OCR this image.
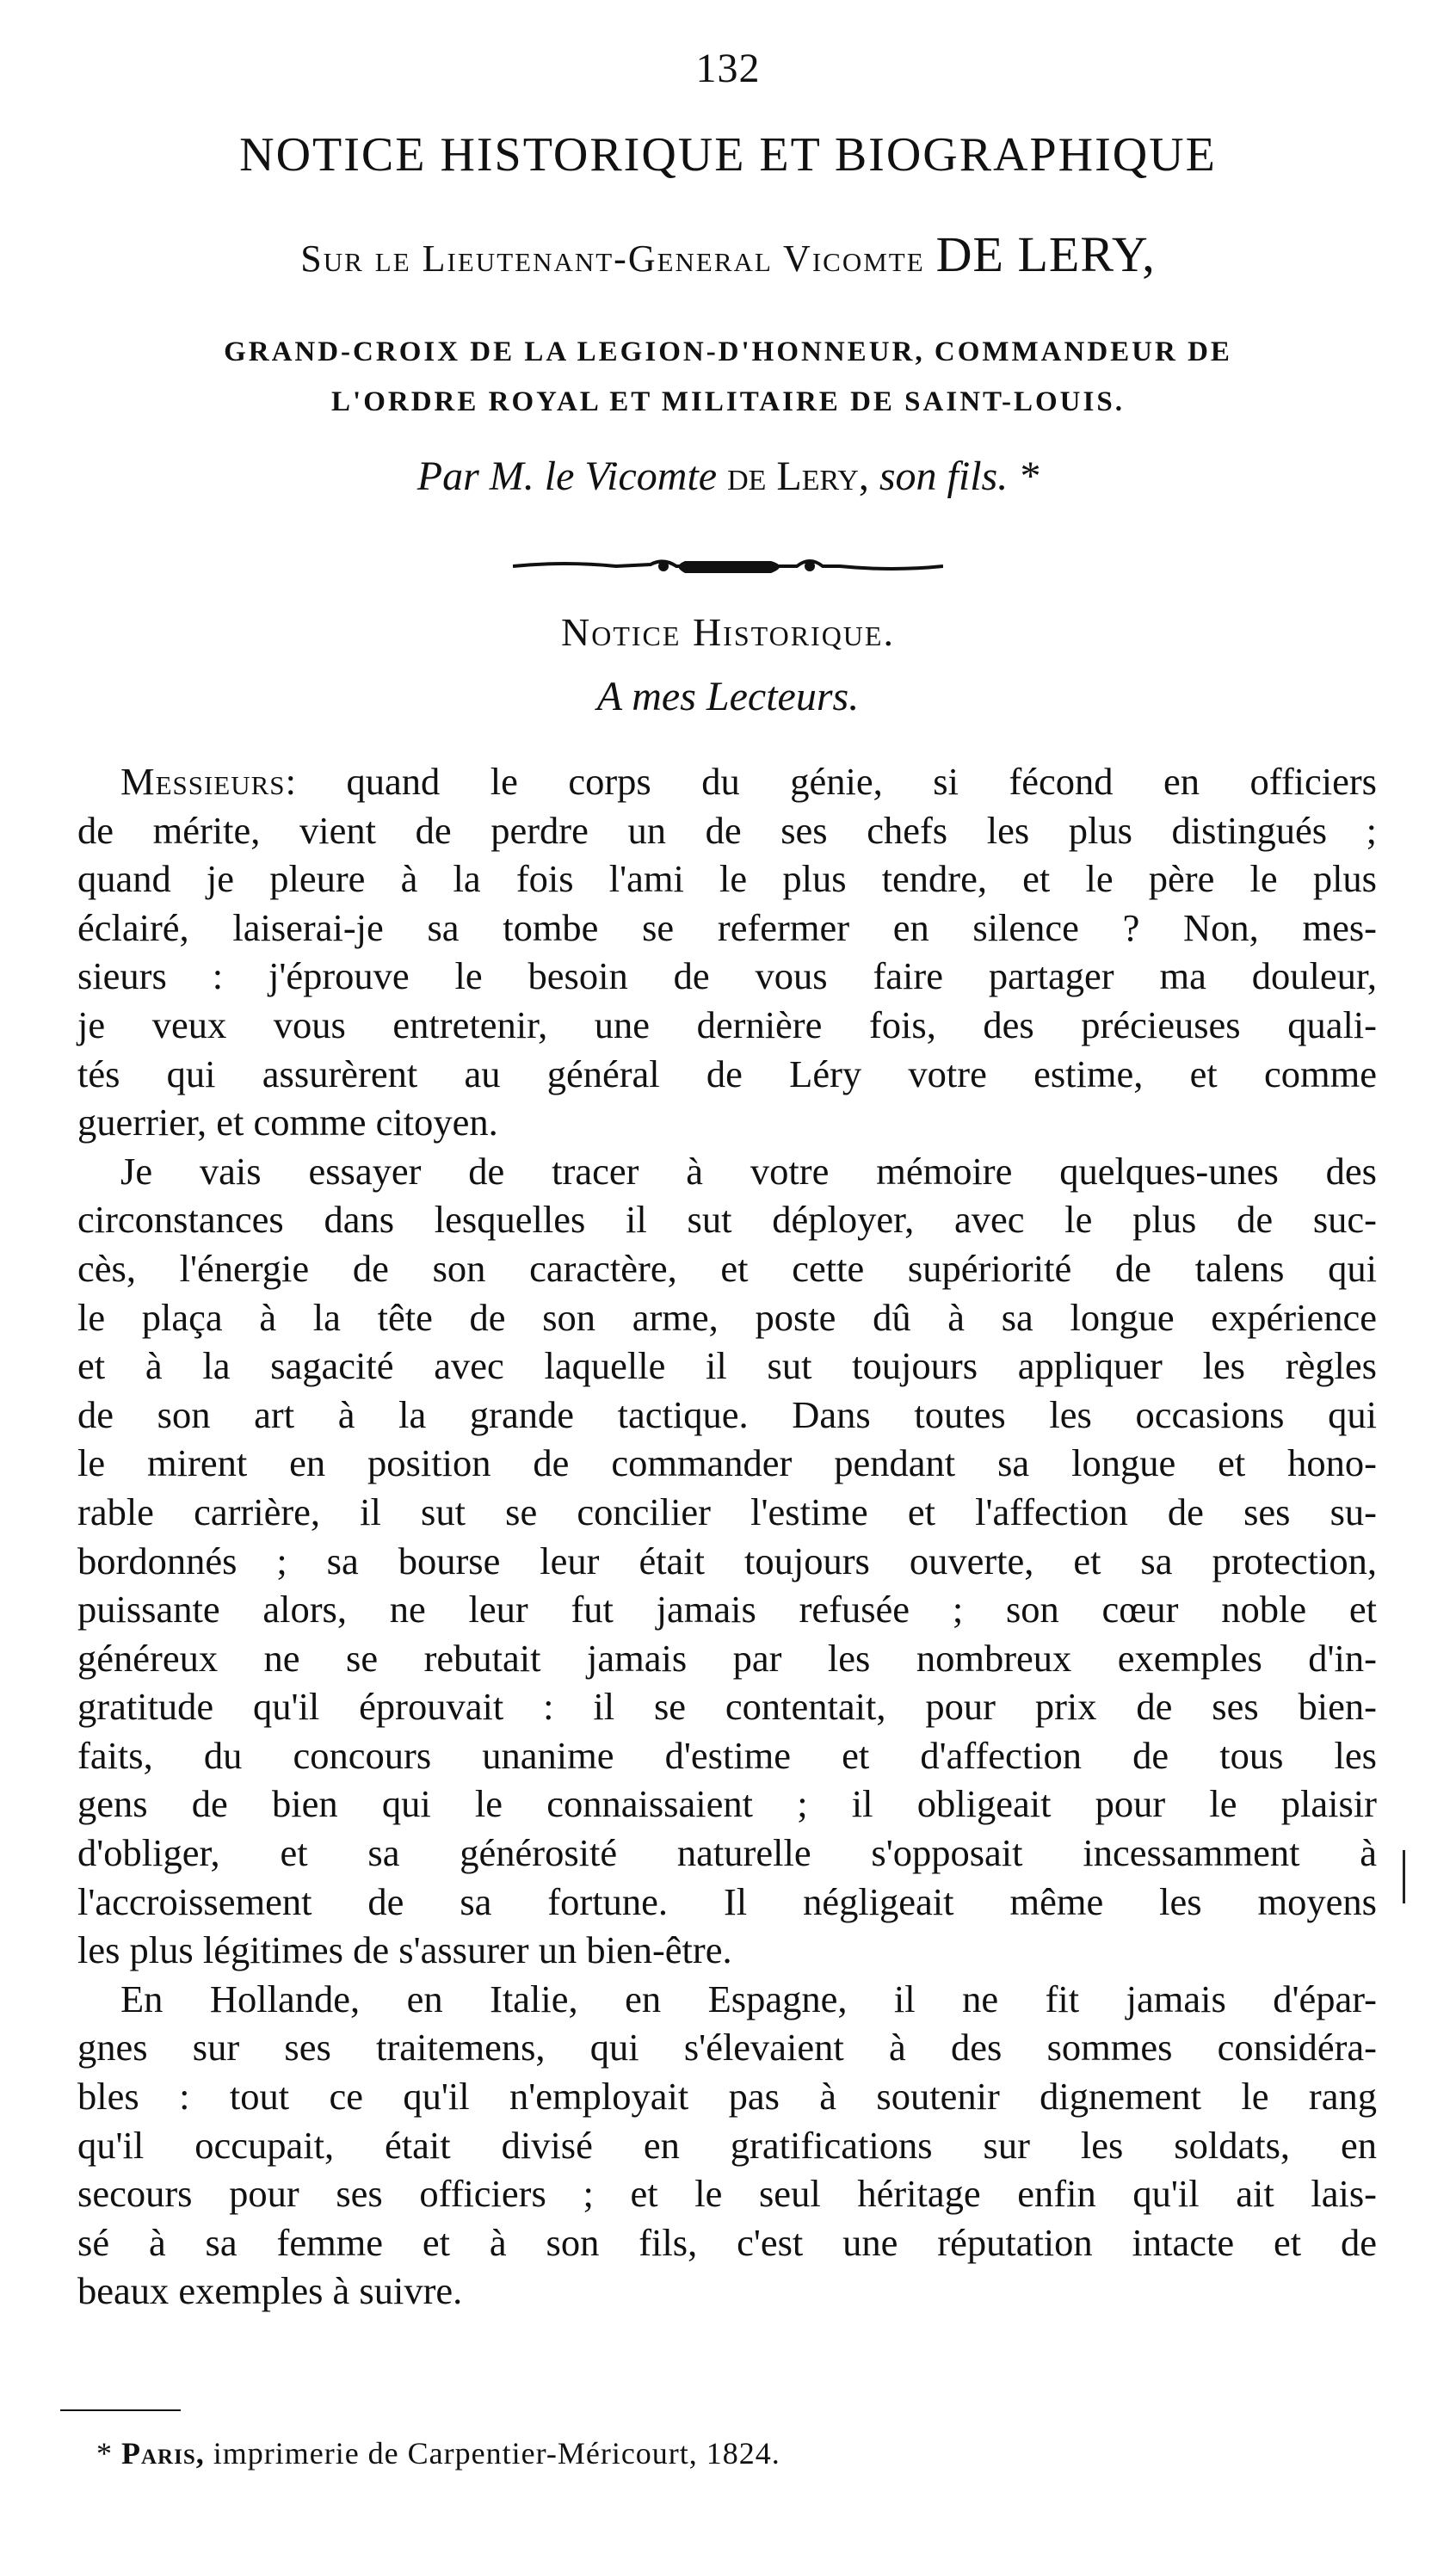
132
NOTICE HISTORIQUE ET BIOGRAPHIQUE
Sur le Lieutenant-General Vicomte DE LERY,
GRAND-CROIX DE LA LEGION-D'HONNEUR, COMMANDEUR DE
L'ORDRE ROYAL ET MILITAIRE DE SAINT-LOUIS.
Par M. le Vicomte de Lery, son fils. *
Notice Historique.
A mes Lecteurs.
Messieurs: quand le corps du génie, si fécond en officiers
de mérite, vient de perdre un de ses chefs les plus distingués ;
quand je pleure à la fois l'ami le plus tendre, et le père le plus
éclairé, laiserai-je sa tombe se refermer en silence ? Non, mes-
sieurs : j'éprouve le besoin de vous faire partager ma douleur,
je veux vous entretenir, une dernière fois, des précieuses quali-
tés qui assurèrent au général de Léry votre estime, et comme
guerrier, et comme citoyen.
Je vais essayer de tracer à votre mémoire quelques-unes des
circonstances dans lesquelles il sut déployer, avec le plus de suc-
cès, l'énergie de son caractère, et cette supériorité de talens qui
le plaça à la tête de son arme, poste dû à sa longue expérience
et à la sagacité avec laquelle il sut toujours appliquer les règles
de son art à la grande tactique. Dans toutes les occasions qui
le mirent en position de commander pendant sa longue et hono-
rable carrière, il sut se concilier l'estime et l'affection de ses su-
bordonnés ; sa bourse leur était toujours ouverte, et sa protection,
puissante alors, ne leur fut jamais refusée ; son cœur noble et
généreux ne se rebutait jamais par les nombreux exemples d'in-
gratitude qu'il éprouvait : il se contentait, pour prix de ses bien-
faits, du concours unanime d'estime et d'affection de tous les
gens de bien qui le connaissaient ; il obligeait pour le plaisir
d'obliger, et sa générosité naturelle s'opposait incessamment à
l'accroissement de sa fortune. Il négligeait même les moyens
les plus légitimes de s'assurer un bien-être.
En Hollande, en Italie, en Espagne, il ne fit jamais d'épar-
gnes sur ses traitemens, qui s'élevaient à des sommes considéra-
bles : tout ce qu'il n'employait pas à soutenir dignement le rang
qu'il occupait, était divisé en gratifications sur les soldats, en
secours pour ses officiers ; et le seul héritage enfin qu'il ait lais-
sé à sa femme et à son fils, c'est une réputation intacte et de
beaux exemples à suivre.
* Paris, imprimerie de Carpentier-Méricourt, 1824.
